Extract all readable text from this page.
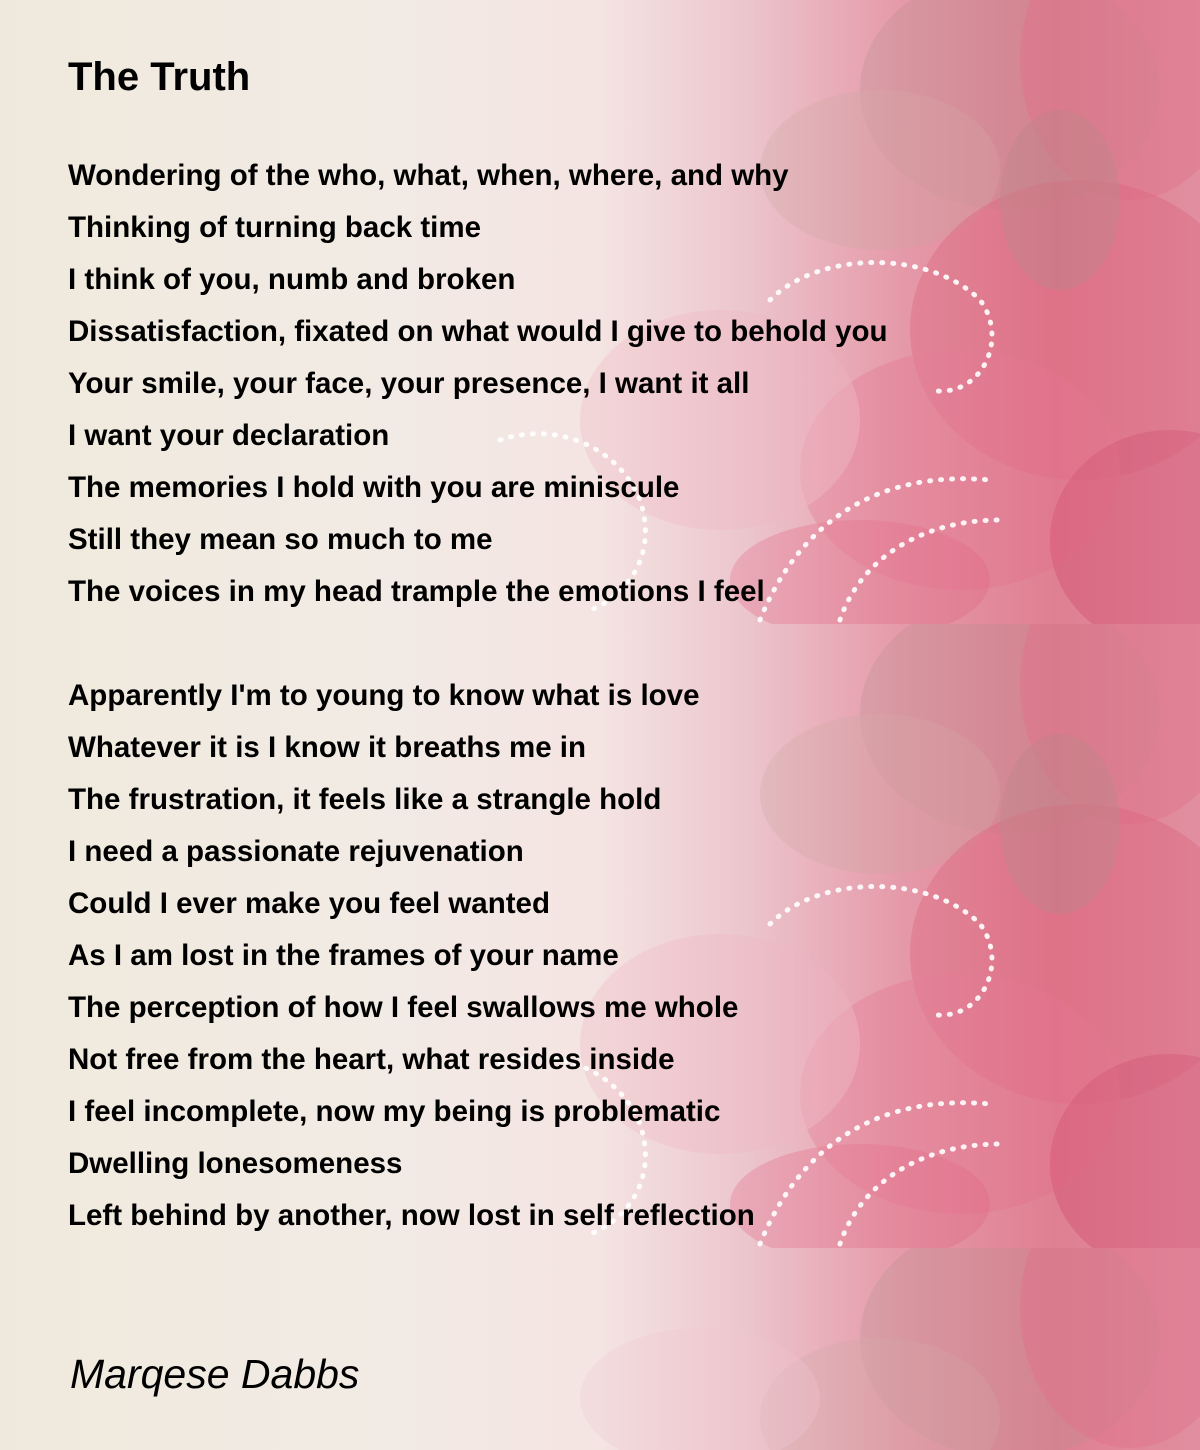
The Truth
Wondering of the who, what, when, where, and why
Thinking of turning back time
I think of you, numb and broken
Dissatisfaction, fixated on what would I give to behold you
Your smile, your face, your presence, I want it all
I want your declaration
The memories I hold with you are miniscule
Still they mean so much to me
The voices in my head trample the emotions I feel
Apparently I'm to young to know what is love
Whatever it is I know it breaths me in
The frustration, it feels like a strangle hold
I need a passionate rejuvenation
Could I ever make you feel wanted
As I am lost in the frames of your name
The perception of how I feel swallows me whole
Not free from the heart, what resides inside
I feel incomplete, now my being is problematic
Dwelling lonesomeness
Left behind by another, now lost in self reflection

Marqese Dabbs
